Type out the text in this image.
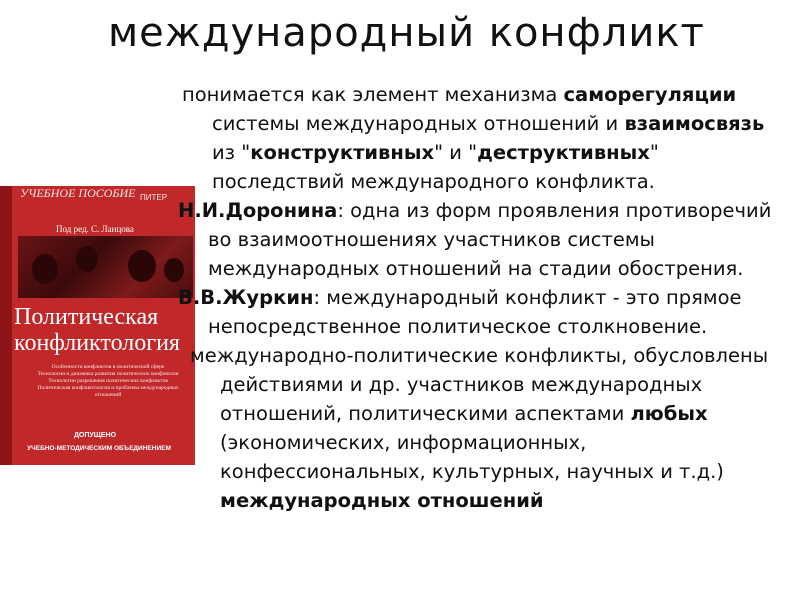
международный конфликт
УЧЕБНОЕ ПОСОБИЕ ПИТЕР
Под ред. С. Ланцова
Политическая
конфликтология
Особенности конфликтов в политической сфере
Технологии и динамика развития политических конфликтов
Технологии разрешения политических конфликтов
Политическая конфликтология и проблемы международных отношений
ДОПУЩЕНО
УЧЕБНО-МЕТОДИЧЕСКИМ ОБЪЕДИНЕНИЕМ

понимается как элемент механизма саморегуляции системы международных отношений и взаимосвязь из "конструктивных" и "деструктивных" последствий международного конфликта.

Н.И.Доронина: одна из форм проявления противоречий во взаимоотношениях участников системы международных отношений на стадии обострения.

В.В.Журкин: международный конфликт - это прямое непосредственное политическое столкновение.

международно-политические конфликты, обусловлены действиями и др. участников международных отношений, политическими аспектами любых (экономических, информационных, конфессиональных, культурных, научных и т.д.) международных отношений
